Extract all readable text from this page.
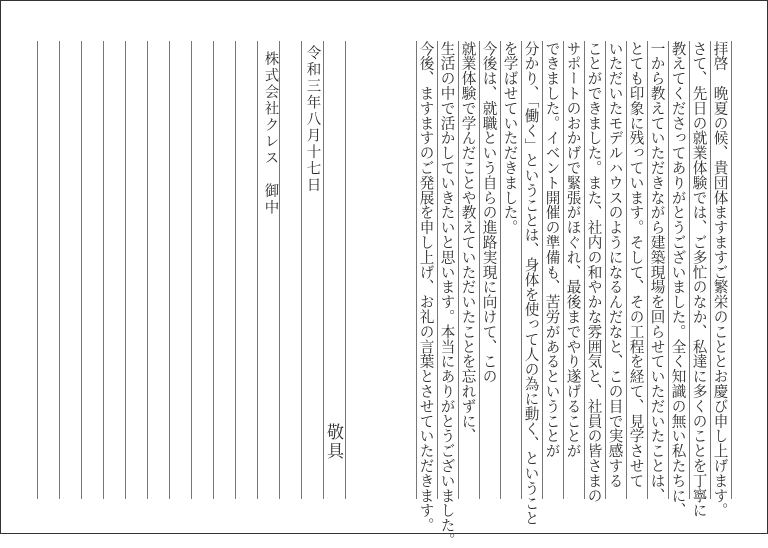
拝啓　晩夏の候、貴団体ますますご繁栄のこととお慶び申し上げます。
さて、先日の就業体験では、ご多忙のなか、私達に多くのことを丁寧に
教えてくださってありがとうございました。全く知識の無い私たちに、
一から教えていただきながら建築現場を回らせていただいたことは、
とても印象に残っています。そして、その工程を経て、見学させて
いただいたモデルハウスのようになるんだなと、この目で実感する
ことができました。また、社内の和やかな雰囲気と、社員の皆さまの
サポートのおかげで緊張がほぐれ、最後までやり遂げることが
できました。イベント開催の準備も、苦労があるということが
分かり、「働く」ということは、身体を使って人の為に動く、ということ
を学ばせていただきました。
今後は、就職という自らの進路実現に向けて、この
就業体験で学んだことや教えていただいたことを忘れずに、
生活の中で活かしていきたいと思います。本当にありがとうございました。
今後、ますますのご発展を申し上げ、お礼の言葉とさせていただきます。
敬具
令和三年八月十七日
株式会社クレス　御中
